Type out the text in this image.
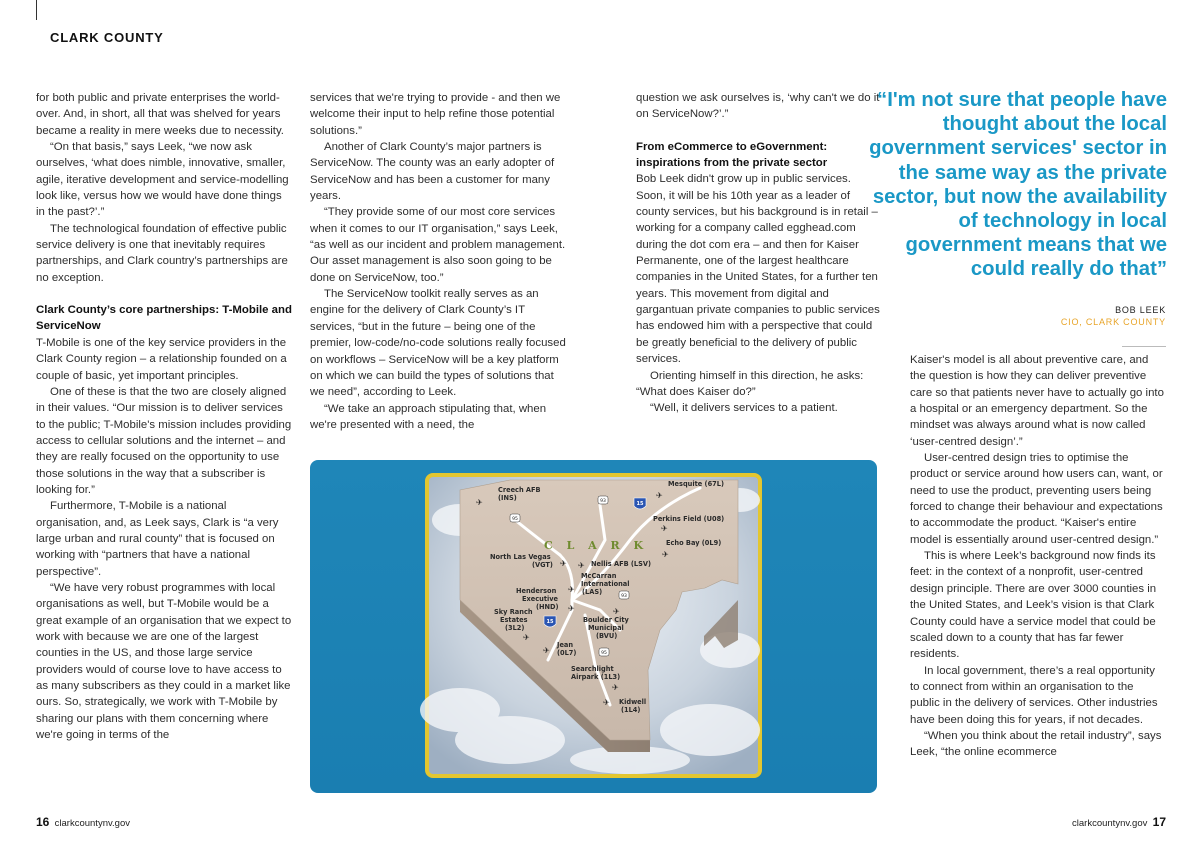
CLARK COUNTY

for both public and private enterprises the world-over. And, in short, all that was shelved for years became a reality in mere weeks due to necessity.

“On that basis,” says Leek, “we now ask ourselves, ‘what does nimble, innovative, smaller, agile, iterative development and service-modelling look like, versus how we would have done things in the past?’.”

The technological foundation of effective public service delivery is one that inevitably requires partnerships, and Clark country’s partnerships are no exception.

Clark County’s core partnerships: T-Mobile and ServiceNow

T-Mobile is one of the key service providers in the Clark County region – a relationship founded on a couple of basic, yet important principles.

One of these is that the two are closely aligned in their values. “Our mission is to deliver services to the public; T-Mobile's mission includes providing access to cellular solutions and the internet – and they are really focused on the opportunity to use those solutions in the way that a subscriber is looking for.”

Furthermore, T-Mobile is a national organisation, and, as Leek says, Clark is “a very large urban and rural county” that is focused on working with “partners that have a national perspective”.

“We have very robust programmes with local organisations as well, but T-Mobile would be a great example of an organisation that we expect to work with because we are one of the largest counties in the US, and those large service providers would of course love to have access to as many subscribers as they could in a market like ours. So, strategically, we work with T-Mobile by sharing our plans with them concerning where we're going in terms of the

services that we're trying to provide - and then we welcome their input to help refine those potential solutions.”

Another of Clark County’s major partners is ServiceNow. The county was an early adopter of ServiceNow and has been a customer for many years.

“They provide some of our most core services when it comes to our IT organisation,” says Leek, “as well as our incident and problem management. Our asset management is also soon going to be done on ServiceNow, too.”

The ServiceNow toolkit really serves as an engine for the delivery of Clark County’s IT services, “but in the future – being one of the premier, low-code/no-code solutions really focused on workflows – ServiceNow will be a key platform on which we can build the types of solutions that we need”, according to Leek.

“We take an approach stipulating that, when we're presented with a need, the

question we ask ourselves is, ‘why can't we do it on ServiceNow?’.”

From eCommerce to eGovernment: inspirations from the private sector

Bob Leek didn't grow up in public services. Soon, it will be his 10th year as a leader of county services, but his background is in retail – working for a company called egghead.com during the dot com era – and then for Kaiser Permanente, one of the largest healthcare companies in the United States, for a further ten years. This movement from digital and gargantuan private companies to public services has endowed him with a perspective that could be greatly beneficial to the delivery of public services.

Orienting himself in this direction, he asks: “What does Kaiser do?”

“Well, it delivers services to a patient.

“I'm not sure that people have thought about the local government services' sector in the same way as the private sector, but now the availability of technology in local government means that we could really do that”
BOB LEEK
CIO, CLARK COUNTY

Kaiser's model is all about preventive care, and the question is how they can deliver preventive care so that patients never have to actually go into a hospital or an emergency department. So the mindset was always around what is now called ‘user-centred design’.”

User-centred design tries to optimise the product or service around how users can, want, or need to use the product, preventing users being forced to change their behaviour and expectations to accommodate the product. “Kaiser's entire model is essentially around user-centred design.”

This is where Leek’s background now finds its feet: in the context of a nonprofit, user-centred design principle. There are over 3000 counties in the United States, and Leek’s vision is that Clark County could have a service model that could be scaled down to a county that has far fewer residents.

In local government, there’s a real opportunity to connect from within an organisation to the public in the delivery of services. Other industries have been doing this for years, if not decades.

“When you think about the retail industry”, says Leek, “the online ecommerce

15
15
93
95
93
95
C L A R K
Creech AFB
(INS)
Mesquite (67L)
Perkins Field (U08)
Echo Bay (0L9)
North Las Vegas
(VGT)	Nellis AFB (LSV)
McCarran
International
(LAS)
Henderson
Executive
(HND)
Sky Ranch
Estates
(3L2)
Boulder City
Municipal
(BVU)
Jean
(0L7)
Searchlight
Airpark (1L3)
Kidwell
(1L4)
✈
✈
✈
✈
✈ ✈
✈
✈
✈
✈
✈
✈
✈
16 clarkcountynv.gov	clarkcountynv.gov 17
